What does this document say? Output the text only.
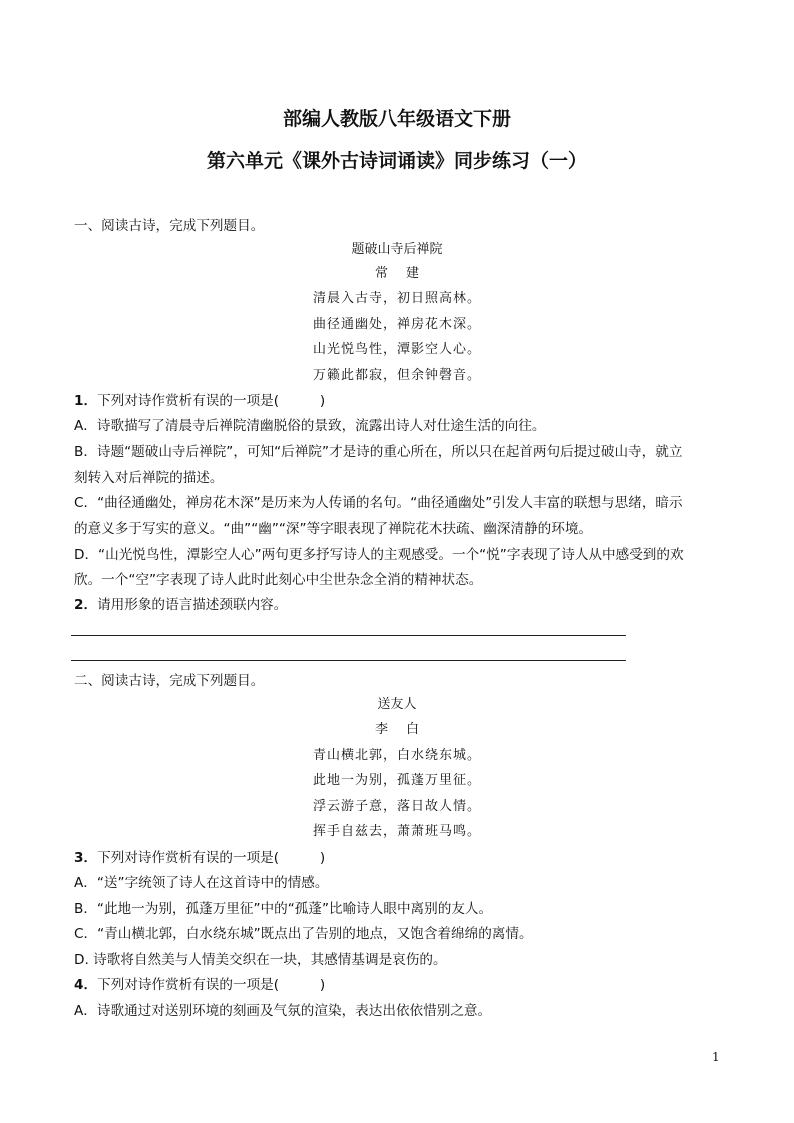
部编人教版八年级语文下册
第六单元《课外古诗词诵读》同步练习（一）

一、阅读古诗，完成下列题目。

题破山寺后禅院

常建

清晨入古寺，初日照高林。

曲径通幽处，禅房花木深。

山光悦鸟性，潭影空人心。

万籁此都寂，但余钟磬音。

1．下列对诗作赏析有误的一项是(　　　)

A．诗歌描写了清晨寺后禅院清幽脱俗的景致，流露出诗人对仕途生活的向往。

B．诗题“题破山寺后禅院”，可知“后禅院”才是诗的重心所在，所以只在起首两句后提过破山寺，就立

刻转入对后禅院的描述。

C．“曲径通幽处，禅房花木深”是历来为人传诵的名句。“曲径通幽处”引发人丰富的联想与思绪，暗示

的意义多于写实的意义。“曲”“幽”“深”等字眼表现了禅院花木扶疏、幽深清静的环境。

D．“山光悦鸟性，潭影空人心”两句更多抒写诗人的主观感受。一个“悦”字表现了诗人从中感受到的欢

欣。一个“空”字表现了诗人此时此刻心中尘世杂念全消的精神状态。

2．请用形象的语言描述颈联内容。

二、阅读古诗，完成下列题目。

送友人

李白

青山横北郭，白水绕东城。

此地一为别，孤蓬万里征。

浮云游子意，落日故人情。

挥手自兹去，萧萧班马鸣。

3．下列对诗作赏析有误的一项是(　　　)

A．“送”字统领了诗人在这首诗中的情感。

B．“此地一为别，孤蓬万里征”中的“孤蓬”比喻诗人眼中离别的友人。

C．“青山横北郭，白水绕东城”既点出了告别的地点，又饱含着绵绵的离情。

D. 诗歌将自然美与人情美交织在一块，其感情基调是哀伤的。

4．下列对诗作赏析有误的一项是(　　　)

A．诗歌通过对送别环境的刻画及气氛的渲染，表达出依依惜别之意。

1
